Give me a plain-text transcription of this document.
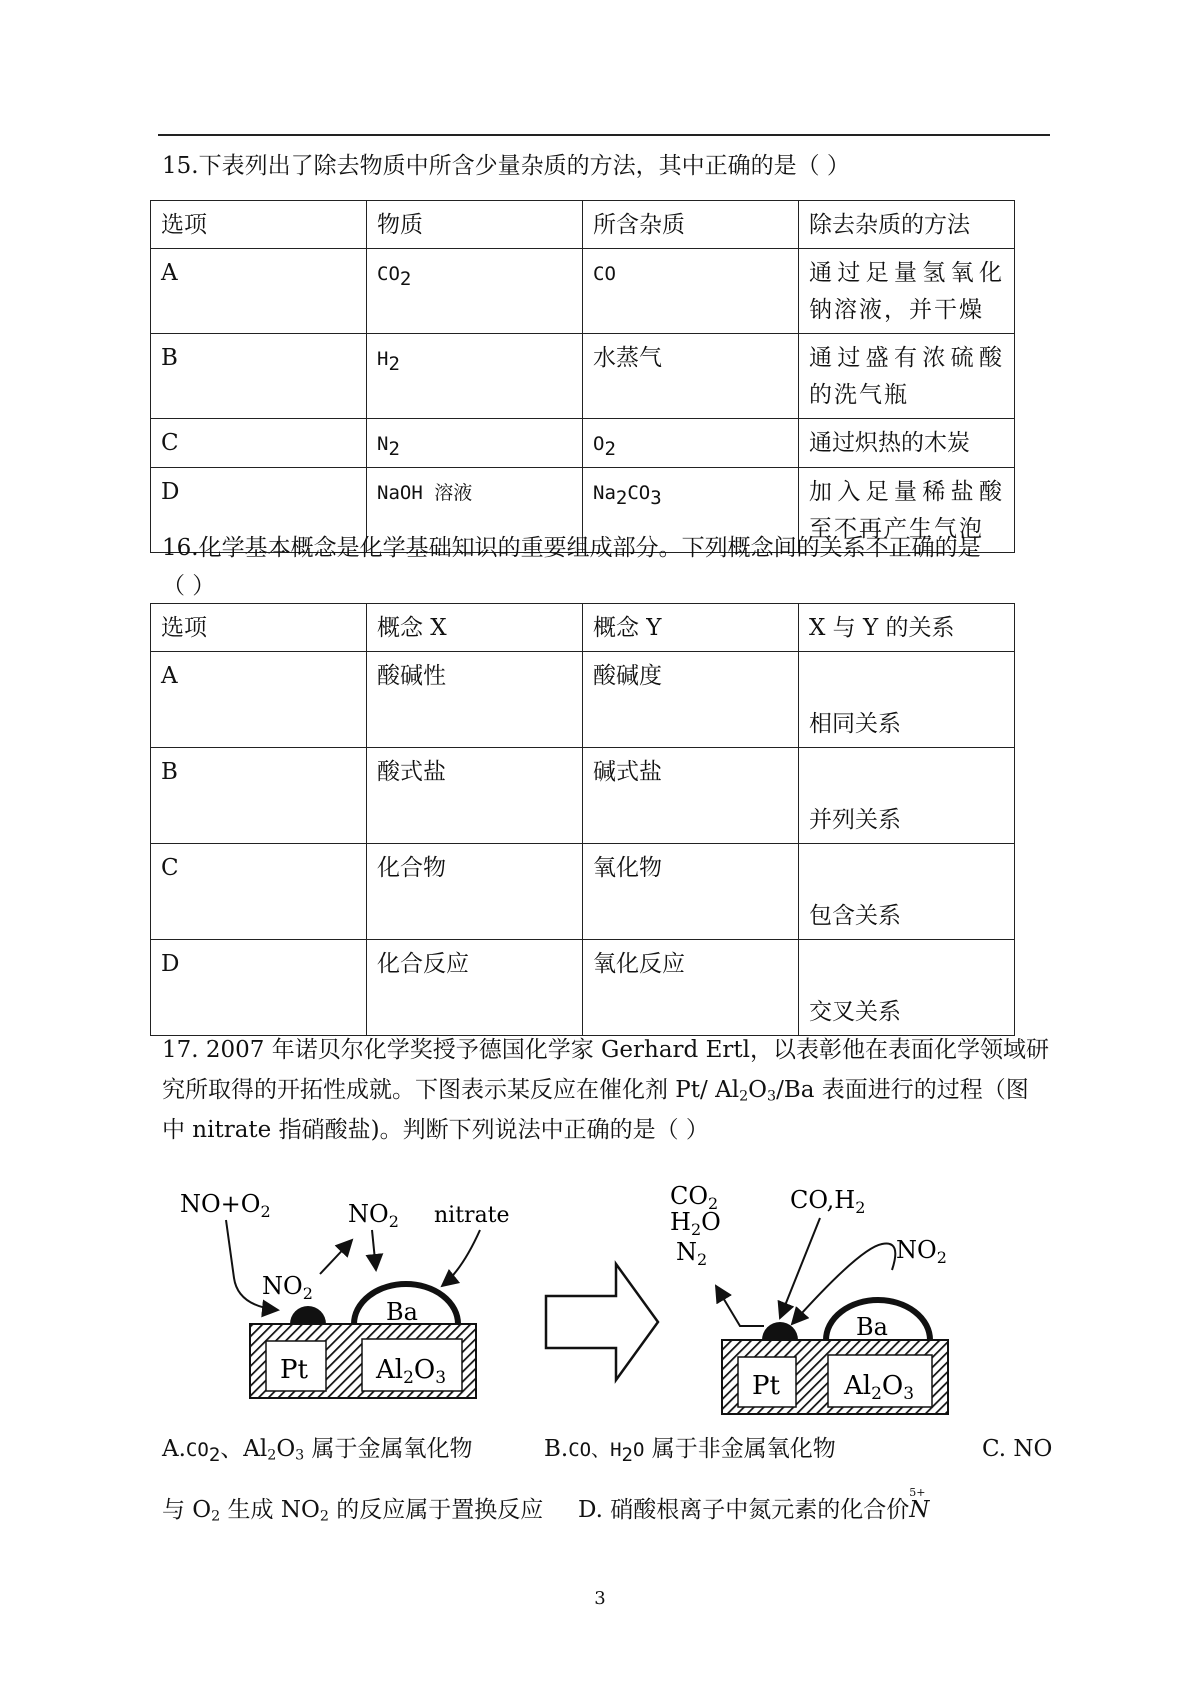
15.下表列出了除去物质中所含少量杂质的方法，其中正确的是（ ）
选项	物质	所含杂质	除去杂质的方法
A	$CO_2$	CO	通过足量氢氧化钠溶液，并干燥
B	$H_2$	水蒸气	通过盛有浓硫酸的洗气瓶
C	$N_2$	$O_2$	通过炽热的木炭
D	NaOH 溶液	$Na_2CO_3$	加入足量稀盐酸至不再产生气泡
16.化学基本概念是化学基础知识的重要组成部分。下列概念间的关系不正确的是
（ ）
选项	概念 X	概念 Y	X 与 Y 的关系
A	酸碱性	酸碱度	相同关系
B	酸式盐	碱式盐	并列关系
C	化合物	氧化物	包含关系
D	化合反应	氧化反应	交叉关系
17. 2007 年诺贝尔化学奖授予德国化学家 Gerhard Ertl，以表彰他在表面化学领域研
究所取得的开拓性成就。下图表示某反应在催化剂 Pt/ $Al_2O_3/Ba$ 表面进行的过程（图
中 nitrate 指硝酸盐)。判断下列说法中正确的是（ ）
Pt	Al2O3
Ba
$NO+O_2$	$NO_2$ nitrate
$NO_2$
Pt Al2O3
Ba
$CO_2$
$H_2O$
$N_2$
$CO,H_2$
$NO_2$
$A.CO_2$、$Al_2O_3$ 属于金属氧化物	B.CO、$H_2O$ 属于非金属氧化物	C. NO
与 $O_2$ 生成 $NO_2$ 的反应属于置换反应 D. 硝酸根离子中氮元素的化合价
5+
N
3
